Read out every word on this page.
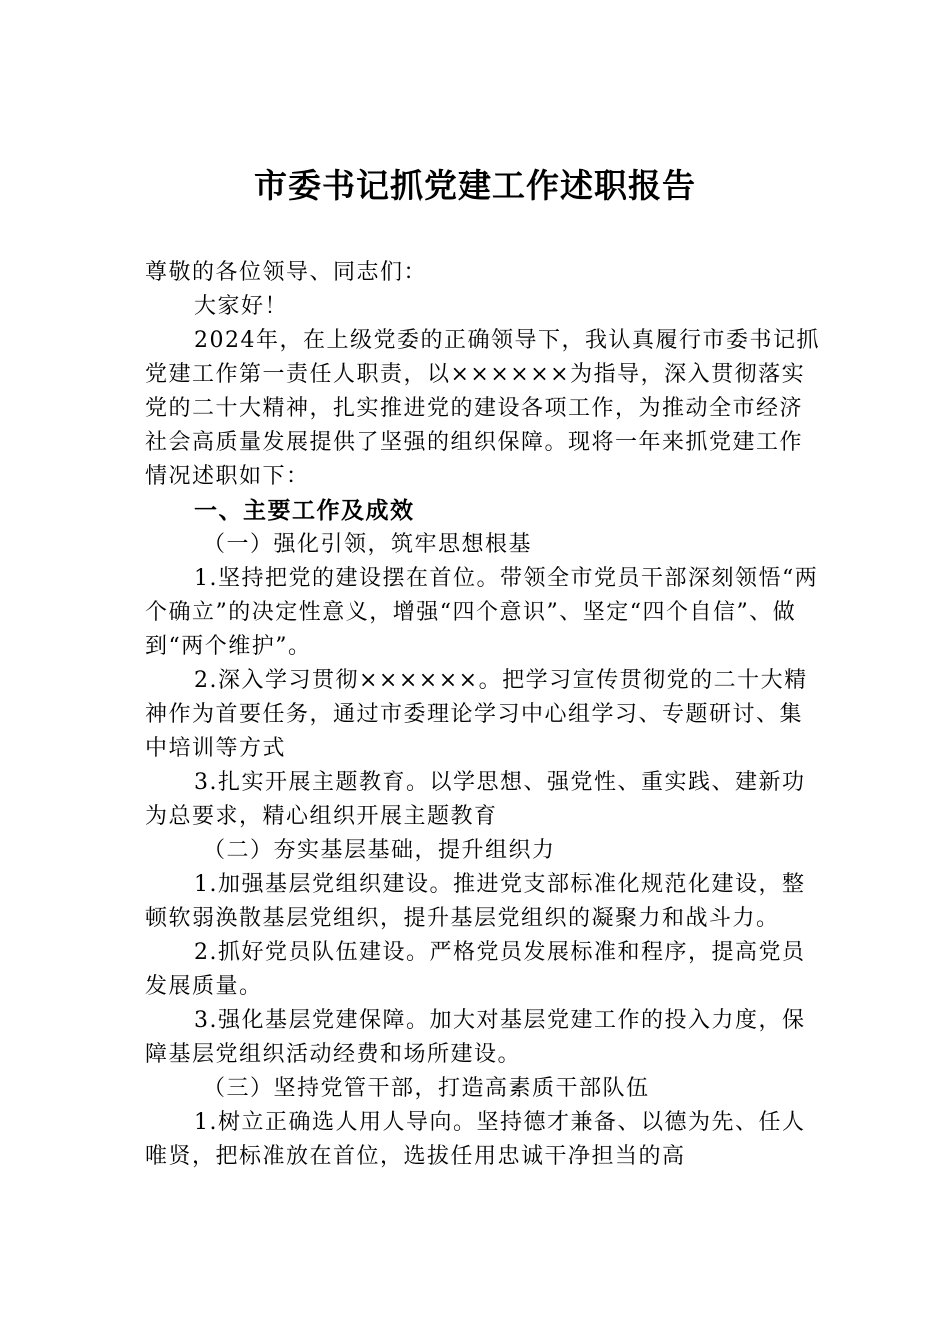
市委书记抓党建工作述职报告

尊敬的各位领导、同志们：

大家好！

2024年，在上级党委的正确领导下，我认真履行市委书记抓党建工作第一责任人职责，以××××××为指导，深入贯彻落实党的二十大精神，扎实推进党的建设各项工作，为推动全市经济社会高质量发展提供了坚强的组织保障。现将一年来抓党建工作情况述职如下：

一、主要工作及成效

（一）强化引领，筑牢思想根基

1.坚持把党的建设摆在首位。带领全市党员干部深刻领悟“两个确立”的决定性意义，增强“四个意识”、坚定“四个自信”、做到“两个维护”。

2.深入学习贯彻××××××。把学习宣传贯彻党的二十大精神作为首要任务，通过市委理论学习中心组学习、专题研讨、集中培训等方式

3.扎实开展主题教育。以学思想、强党性、重实践、建新功为总要求，精心组织开展主题教育

（二）夯实基层基础，提升组织力

1.加强基层党组织建设。推进党支部标准化规范化建设，整顿软弱涣散基层党组织，提升基层党组织的凝聚力和战斗力。

2.抓好党员队伍建设。严格党员发展标准和程序，提高党员发展质量。

3.强化基层党建保障。加大对基层党建工作的投入力度，保障基层党组织活动经费和场所建设。

（三）坚持党管干部，打造高素质干部队伍

1.树立正确选人用人导向。坚持德才兼备、以德为先、任人唯贤，把标准放在首位，选拔任用忠诚干净担当的高
